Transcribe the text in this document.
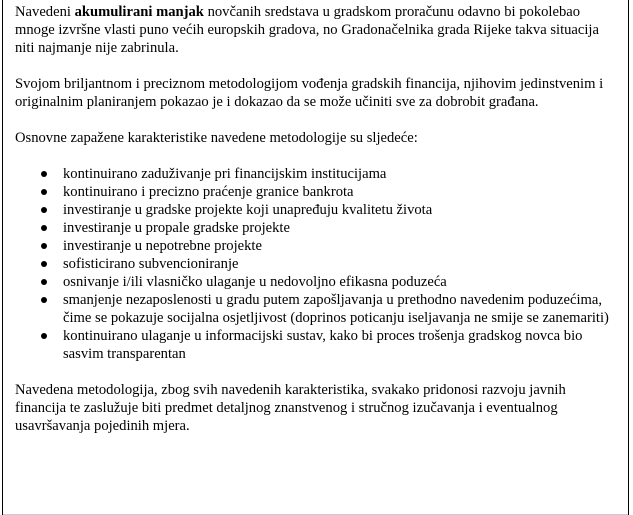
Navedeni akumulirani manjak novčanih sredstava u gradskom proračunu odavno bi pokolebao mnoge izvršne vlasti puno većih europskih gradova, no Gradonačelnika grada Rijeke takva situacija niti najmanje nije zabrinula.

Svojom briljantnom i preciznom metodologijom vođenja gradskih financija, njihovim jedinstvenim i originalnim planiranjem pokazao je i dokazao da se može učiniti sve za dobrobit građana.

Osnovne zapažene karakteristike navedene metodologije su sljedeće:

kontinuirano zaduživanje pri financijskim institucijama
kontinuirano i precizno praćenje granice bankrota
investiranje u gradske projekte koji unapređuju kvalitetu života
investiranje u propale gradske projekte
investiranje u nepotrebne projekte
sofisticirano subvencioniranje
osnivanje i/ili vlasničko ulaganje u nedovoljno efikasna poduzeća
smanjenje nezaposlenosti u gradu putem zapošljavanja u prethodno navedenim poduzećima, čime se pokazuje socijalna osjetljivost (doprinos poticanju iseljavanja ne smije se zanemariti)
kontinuirano ulaganje u informacijski sustav, kako bi proces trošenja gradskog novca bio sasvim transparentan

Navedena metodologija, zbog svih navedenih karakteristika, svakako pridonosi razvoju javnih financija te zaslužuje biti predmet detaljnog znanstvenog i stručnog izučavanja i eventualnog usavršavanja pojedinih mjera.
